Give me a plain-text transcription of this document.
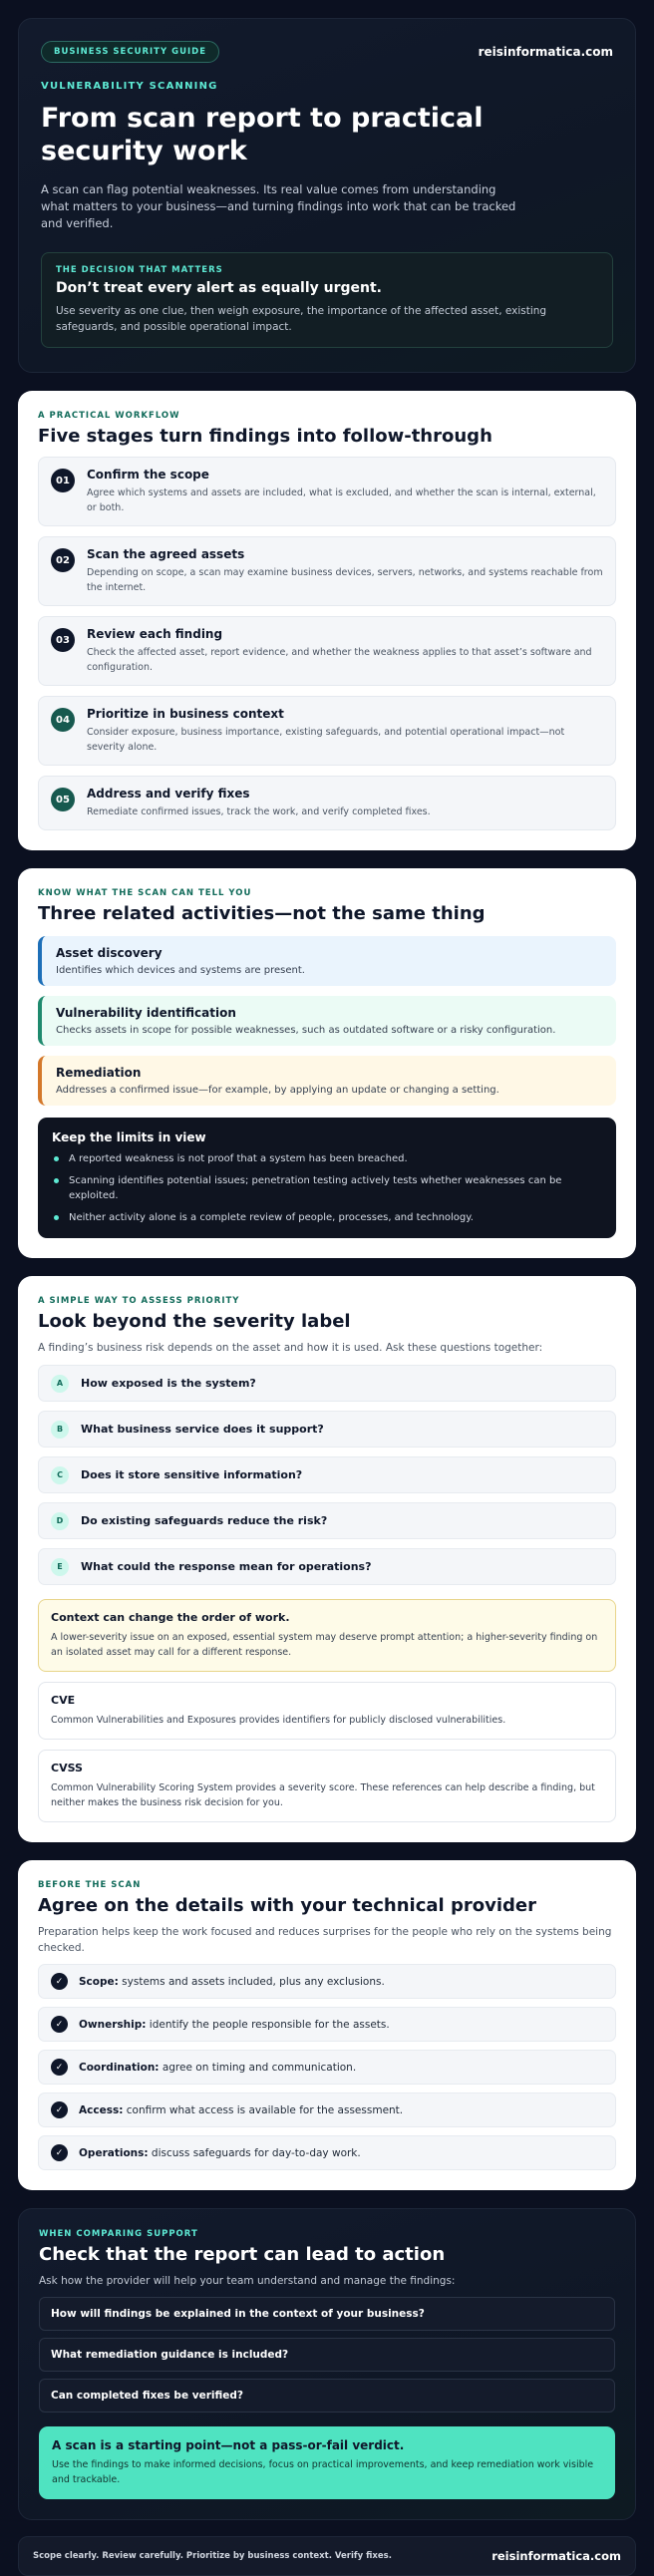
BUSINESS SECURITY GUIDE	reisinformatica.com
VULNERABILITY SCANNING
From scan report to practical security work

A scan can flag potential weaknesses. Its real value comes from understanding what matters to your business—and turning findings into work that can be tracked and verified.

THE DECISION THAT MATTERS
Don’t treat every alert as equally urgent.
Use severity as one clue, then weigh exposure, the importance of the affected asset, existing safeguards, and possible operational impact.
A PRACTICAL WORKFLOW
Five stages turn findings into follow-through
01	Confirm the scope
Agree which systems and assets are included, what is excluded, and whether the scan is internal, external, or both.
02	Scan the agreed assets
Depending on scope, a scan may examine business devices, servers, networks, and systems reachable from the internet.
03	Review each finding
Check the affected asset, report evidence, and whether the weakness applies to that asset’s software and configuration.
04	Prioritize in business context
Consider exposure, business importance, existing safeguards, and potential operational impact—not severity alone.
05	Address and verify fixes
Remediate confirmed issues, track the work, and verify completed fixes.
KNOW WHAT THE SCAN CAN TELL YOU
Three related activities—not the same thing
Asset discovery
Identifies which devices and systems are present.
Vulnerability identification
Checks assets in scope for possible weaknesses, such as outdated software or a risky configuration.
Remediation
Addresses a confirmed issue—for example, by applying an update or changing a setting.
Keep the limits in view
A reported weakness is not proof that a system has been breached.
Scanning identifies potential issues; penetration testing actively tests whether weaknesses can be exploited.
Neither activity alone is a complete review of people, processes, and technology.
A SIMPLE WAY TO ASSESS PRIORITY
Look beyond the severity label

A finding’s business risk depends on the asset and how it is used. Ask these questions together:

A	How exposed is the system?
B	What business service does it support?
C	Does it store sensitive information?
D	Do existing safeguards reduce the risk?
E	What could the response mean for operations?
Context can change the order of work.
A lower-severity issue on an exposed, essential system may deserve prompt attention; a higher-severity finding on an isolated asset may call for a different response.
CVE
Common Vulnerabilities and Exposures provides identifiers for publicly disclosed vulnerabilities.
CVSS
Common Vulnerability Scoring System provides a severity score. These references can help describe a finding, but neither makes the business risk decision for you.
BEFORE THE SCAN
Agree on the details with your technical provider

Preparation helps keep the work focused and reduces surprises for the people who rely on the systems being checked.

✓	Scope: systems and assets included, plus any exclusions.
✓	Ownership: identify the people responsible for the assets.
✓	Coordination: agree on timing and communication.
✓	Access: confirm what access is available for the assessment.
✓	Operations: discuss safeguards for day-to-day work.
WHEN COMPARING SUPPORT
Check that the report can lead to action

Ask how the provider will help your team understand and manage the findings:

How will findings be explained in the context of your business?
What remediation guidance is included?
Can completed fixes be verified?
A scan is a starting point—not a pass-or-fail verdict.
Use the findings to make informed decisions, focus on practical improvements, and keep remediation work visible and trackable.
Scope clearly. Review carefully. Prioritize by business context. Verify fixes.	reisinformatica.com
